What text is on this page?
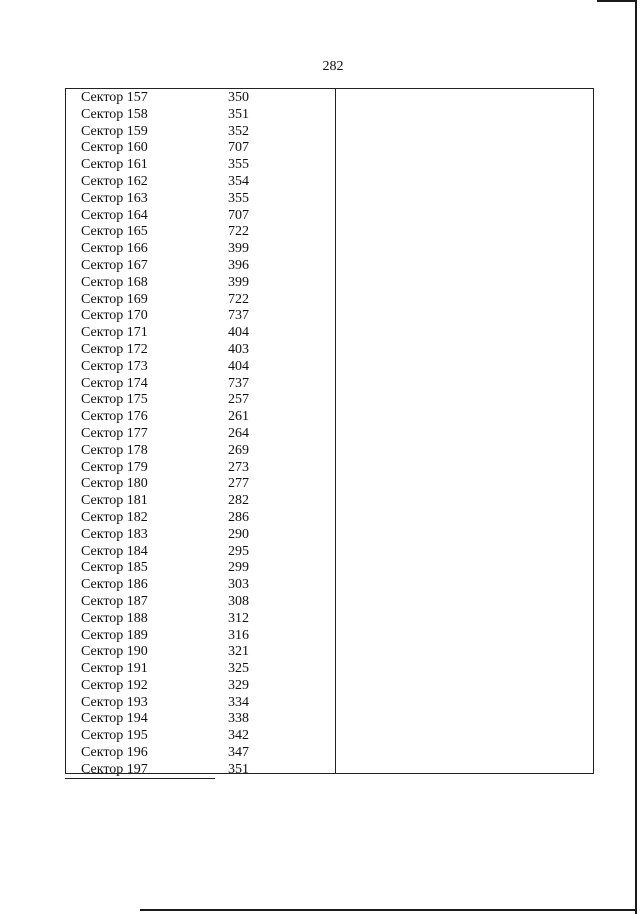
282
Сектор 157	350
Сектор 158	351
Сектор 159	352
Сектор 160	707
Сектор 161	355
Сектор 162	354
Сектор 163	355
Сектор 164	707
Сектор 165	722
Сектор 166	399
Сектор 167	396
Сектор 168	399
Сектор 169	722
Сектор 170	737
Сектор 171	404
Сектор 172	403
Сектор 173	404
Сектор 174	737
Сектор 175	257
Сектор 176	261
Сектор 177	264
Сектор 178	269
Сектор 179	273
Сектор 180	277
Сектор 181	282
Сектор 182	286
Сектор 183	290
Сектор 184	295
Сектор 185	299
Сектор 186	303
Сектор 187	308
Сектор 188	312
Сектор 189	316
Сектор 190	321
Сектор 191	325
Сектор 192	329
Сектор 193	334
Сектор 194	338
Сектор 195	342
Сектор 196	347
Сектор 197	351
